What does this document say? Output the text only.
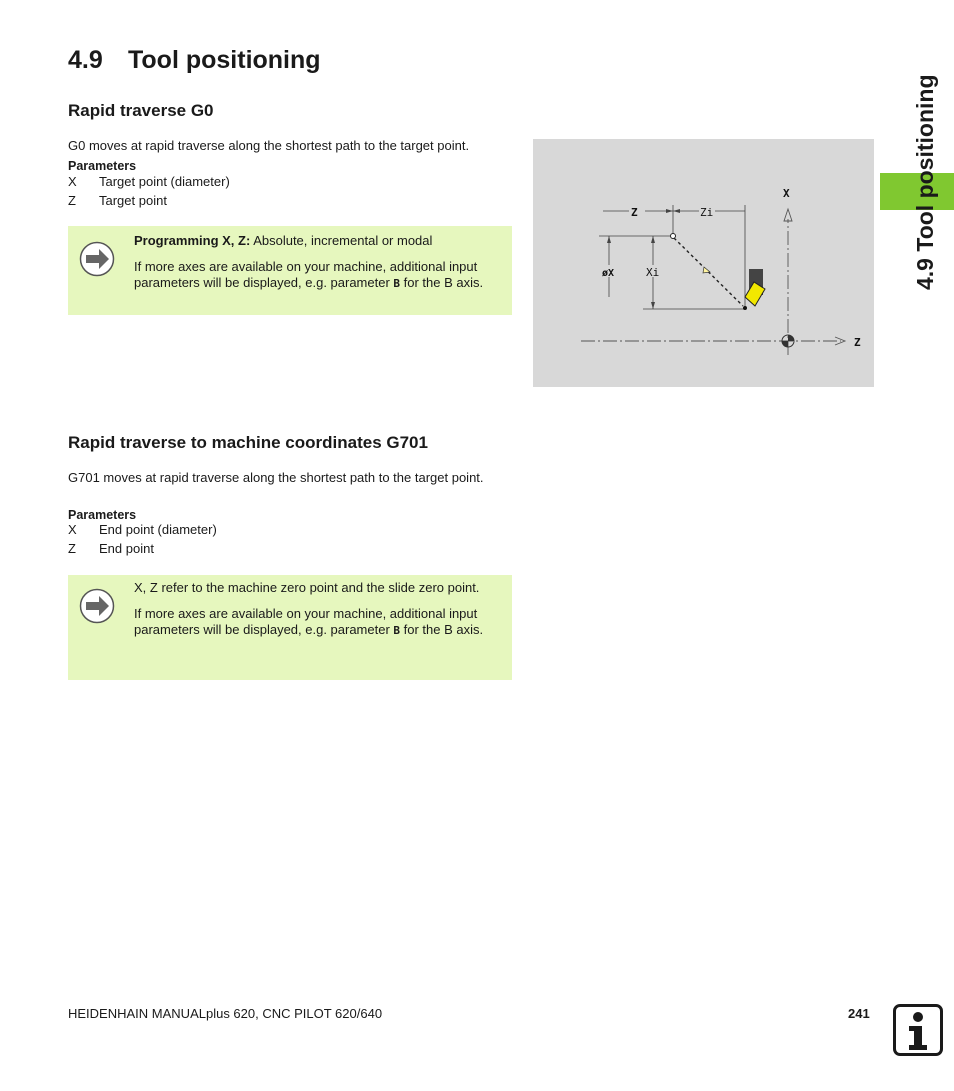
4.9 Tool positioning
Rapid traverse G0
G0 moves at rapid traverse along the shortest path to the target point.
Parameters
X Target point (diameter)
Z Target point
Programming X, Z: Absolute, incremental or modal
If more axes are available on your machine, additional input parameters will be displayed, e.g. parameter B for the B axis.
Z
X
Z	Zi
øX	Xi
Rapid traverse to machine coordinates G701
G701 moves at rapid traverse along the shortest path to the target point.
Parameters
X End point (diameter)
Z End point
X, Z refer to the machine zero point and the slide zero point.
If more axes are available on your machine, additional input parameters will be displayed, e.g. parameter B for the B axis.
4.9 Tool positioning
HEIDENHAIN MANUALplus 620, CNC PILOT 620/640	241
